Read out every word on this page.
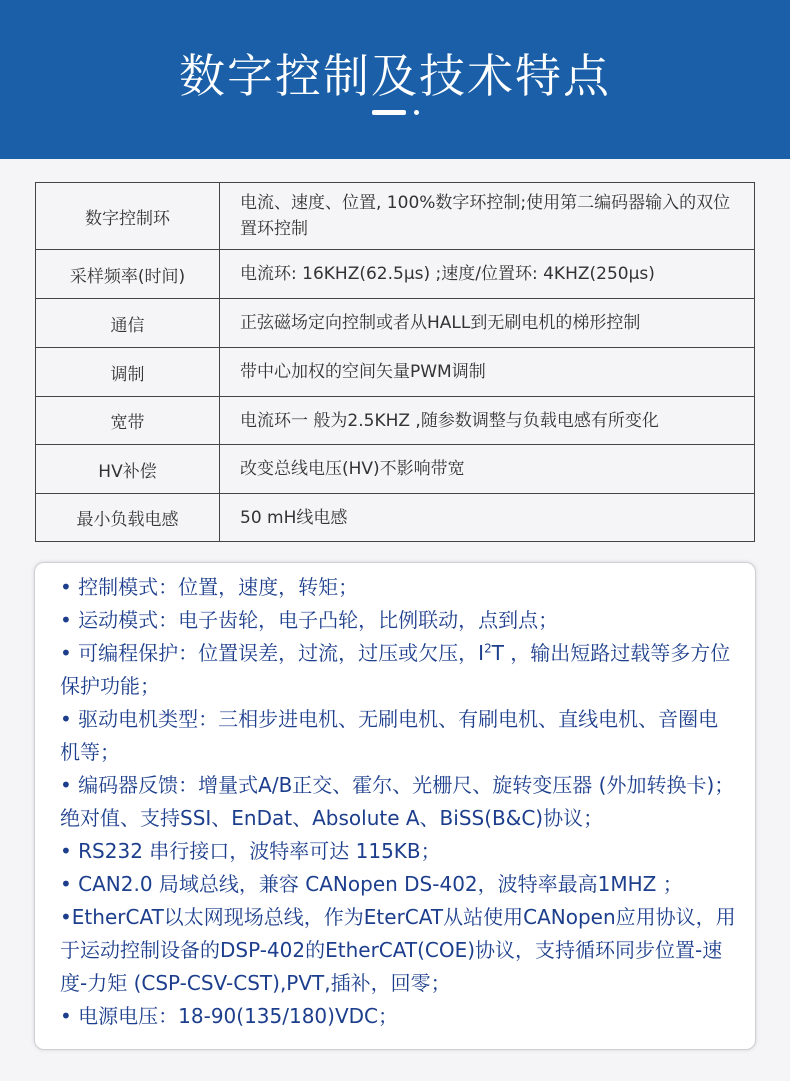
数字控制及技术特点
数字控制环	电流、速度、位置, 100%数字环控制;使用第二编码器输入的双位置环控制
采样频率(时间)	电流环: 16KHZ(62.5μs) ;速度/位置环: 4KHZ(250μs)
通信	正弦磁场定向控制或者从HALL到无刷电机的梯形控制
调制	带中心加权的空间矢量PWM调制
宽带	电流环一 般为2.5KHZ ,随参数调整与负载电感有所变化
HV补偿	改变总线电压(HV)不影响带宽
最小负载电感	50 mH线电感
• 控制模式：位置，速度，转矩；
• 运动模式：电子齿轮，电子凸轮，比例联动，点到点；
• 可编程保护：位置误差，过流，过压或欠压，$I^2T$ ，输出短路过载等多方位保护功能；
• 驱动电机类型：三相步进电机、无刷电机、有刷电机、直线电机、音圈电机等；
• 编码器反馈：增量式A/B正交、霍尔、光栅尺、旋转变压器 (外加转换卡)； 绝对值、支持SSI、EnDat、Absolute A、BiSS(B&C)协议；
• RS232 串行接口，波特率可达 115KB；
• CAN2.0 局域总线，兼容 CANopen DS-402，波特率最高1MHZ ；
•EtherCAT以太网现场总线，作为EterCAT从站使用CANopen应用协议，用于运动控制设备的DSP-402的EtherCAT(COE)协议，支持循环同步位置-速度-力矩 (CSP-CSV-CST),PVT,插补，回零；
• 电源电压：18-90(135/180)VDC；
